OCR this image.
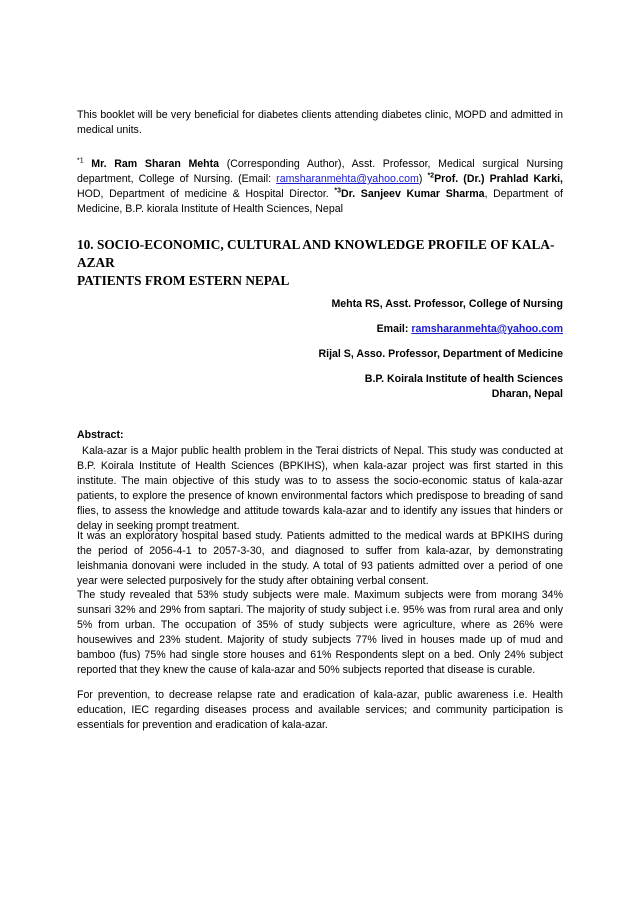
This booklet will be very beneficial for diabetes clients attending diabetes clinic, MOPD and admitted in medical units.

$^{*1}$ Mr. Ram Sharan Mehta (Corresponding Author), Asst. Professor, Medical surgical Nursing department, College of Nursing. (Email: ramsharanmehta@yahoo.com) $^{*2}$Prof. (Dr.) Prahlad Karki, HOD, Department of medicine & Hospital Director. $^{*3}$Dr. Sanjeev Kumar Sharma, Department of Medicine, B.P. kiorala Institute of Health Sciences, Nepal

10. SOCIO-ECONOMIC, CULTURAL AND KNOWLEDGE PROFILE OF KALA-AZAR
PATIENTS FROM ESTERN NEPAL
Mehta RS, Asst. Professor, College of Nursing
Email: ramsharanmehta@yahoo.com
Rijal S, Asso. Professor, Department of Medicine
B.P. Koirala Institute of health Sciences
Dharan, Nepal
Abstract:

Kala-azar is a Major public health problem in the Terai districts of Nepal. This study was conducted at B.P. Koirala Institute of Health Sciences (BPKIHS), when kala-azar project was first started in this institute. The main objective of this study was to to assess the socio-economic status of kala-azar patients, to explore the presence of known environmental factors which predispose to breading of sand flies, to assess the knowledge and attitude towards kala-azar and to identify any issues that hinders or delay in seeking prompt treatment.

It was an exploratory hospital based study. Patients admitted to the medical wards at BPKIHS during the period of 2056-4-1 to 2057-3-30, and diagnosed to suffer from kala-azar, by demonstrating leishmania donovani were included in the study. A total of 93 patients admitted over a period of one year were selected purposively for the study after obtaining verbal consent.

The study revealed that 53% study subjects were male. Maximum subjects were from morang 34% sunsari 32% and 29% from saptari. The majority of study subject i.e. 95% was from rural area and only 5% from urban. The occupation of 35% of study subjects were agriculture, where as 26% were housewives and 23% student. Majority of study subjects 77% lived in houses made up of mud and bamboo (fus) 75% had single store houses and 61% Respondents slept on a bed. Only 24% subject reported that they knew the cause of kala-azar and 50% subjects reported that disease is curable.

For prevention, to decrease relapse rate and eradication of kala-azar, public awareness i.e. Health education, IEC regarding diseases process and available services; and community participation is essentials for prevention and eradication of kala-azar.
